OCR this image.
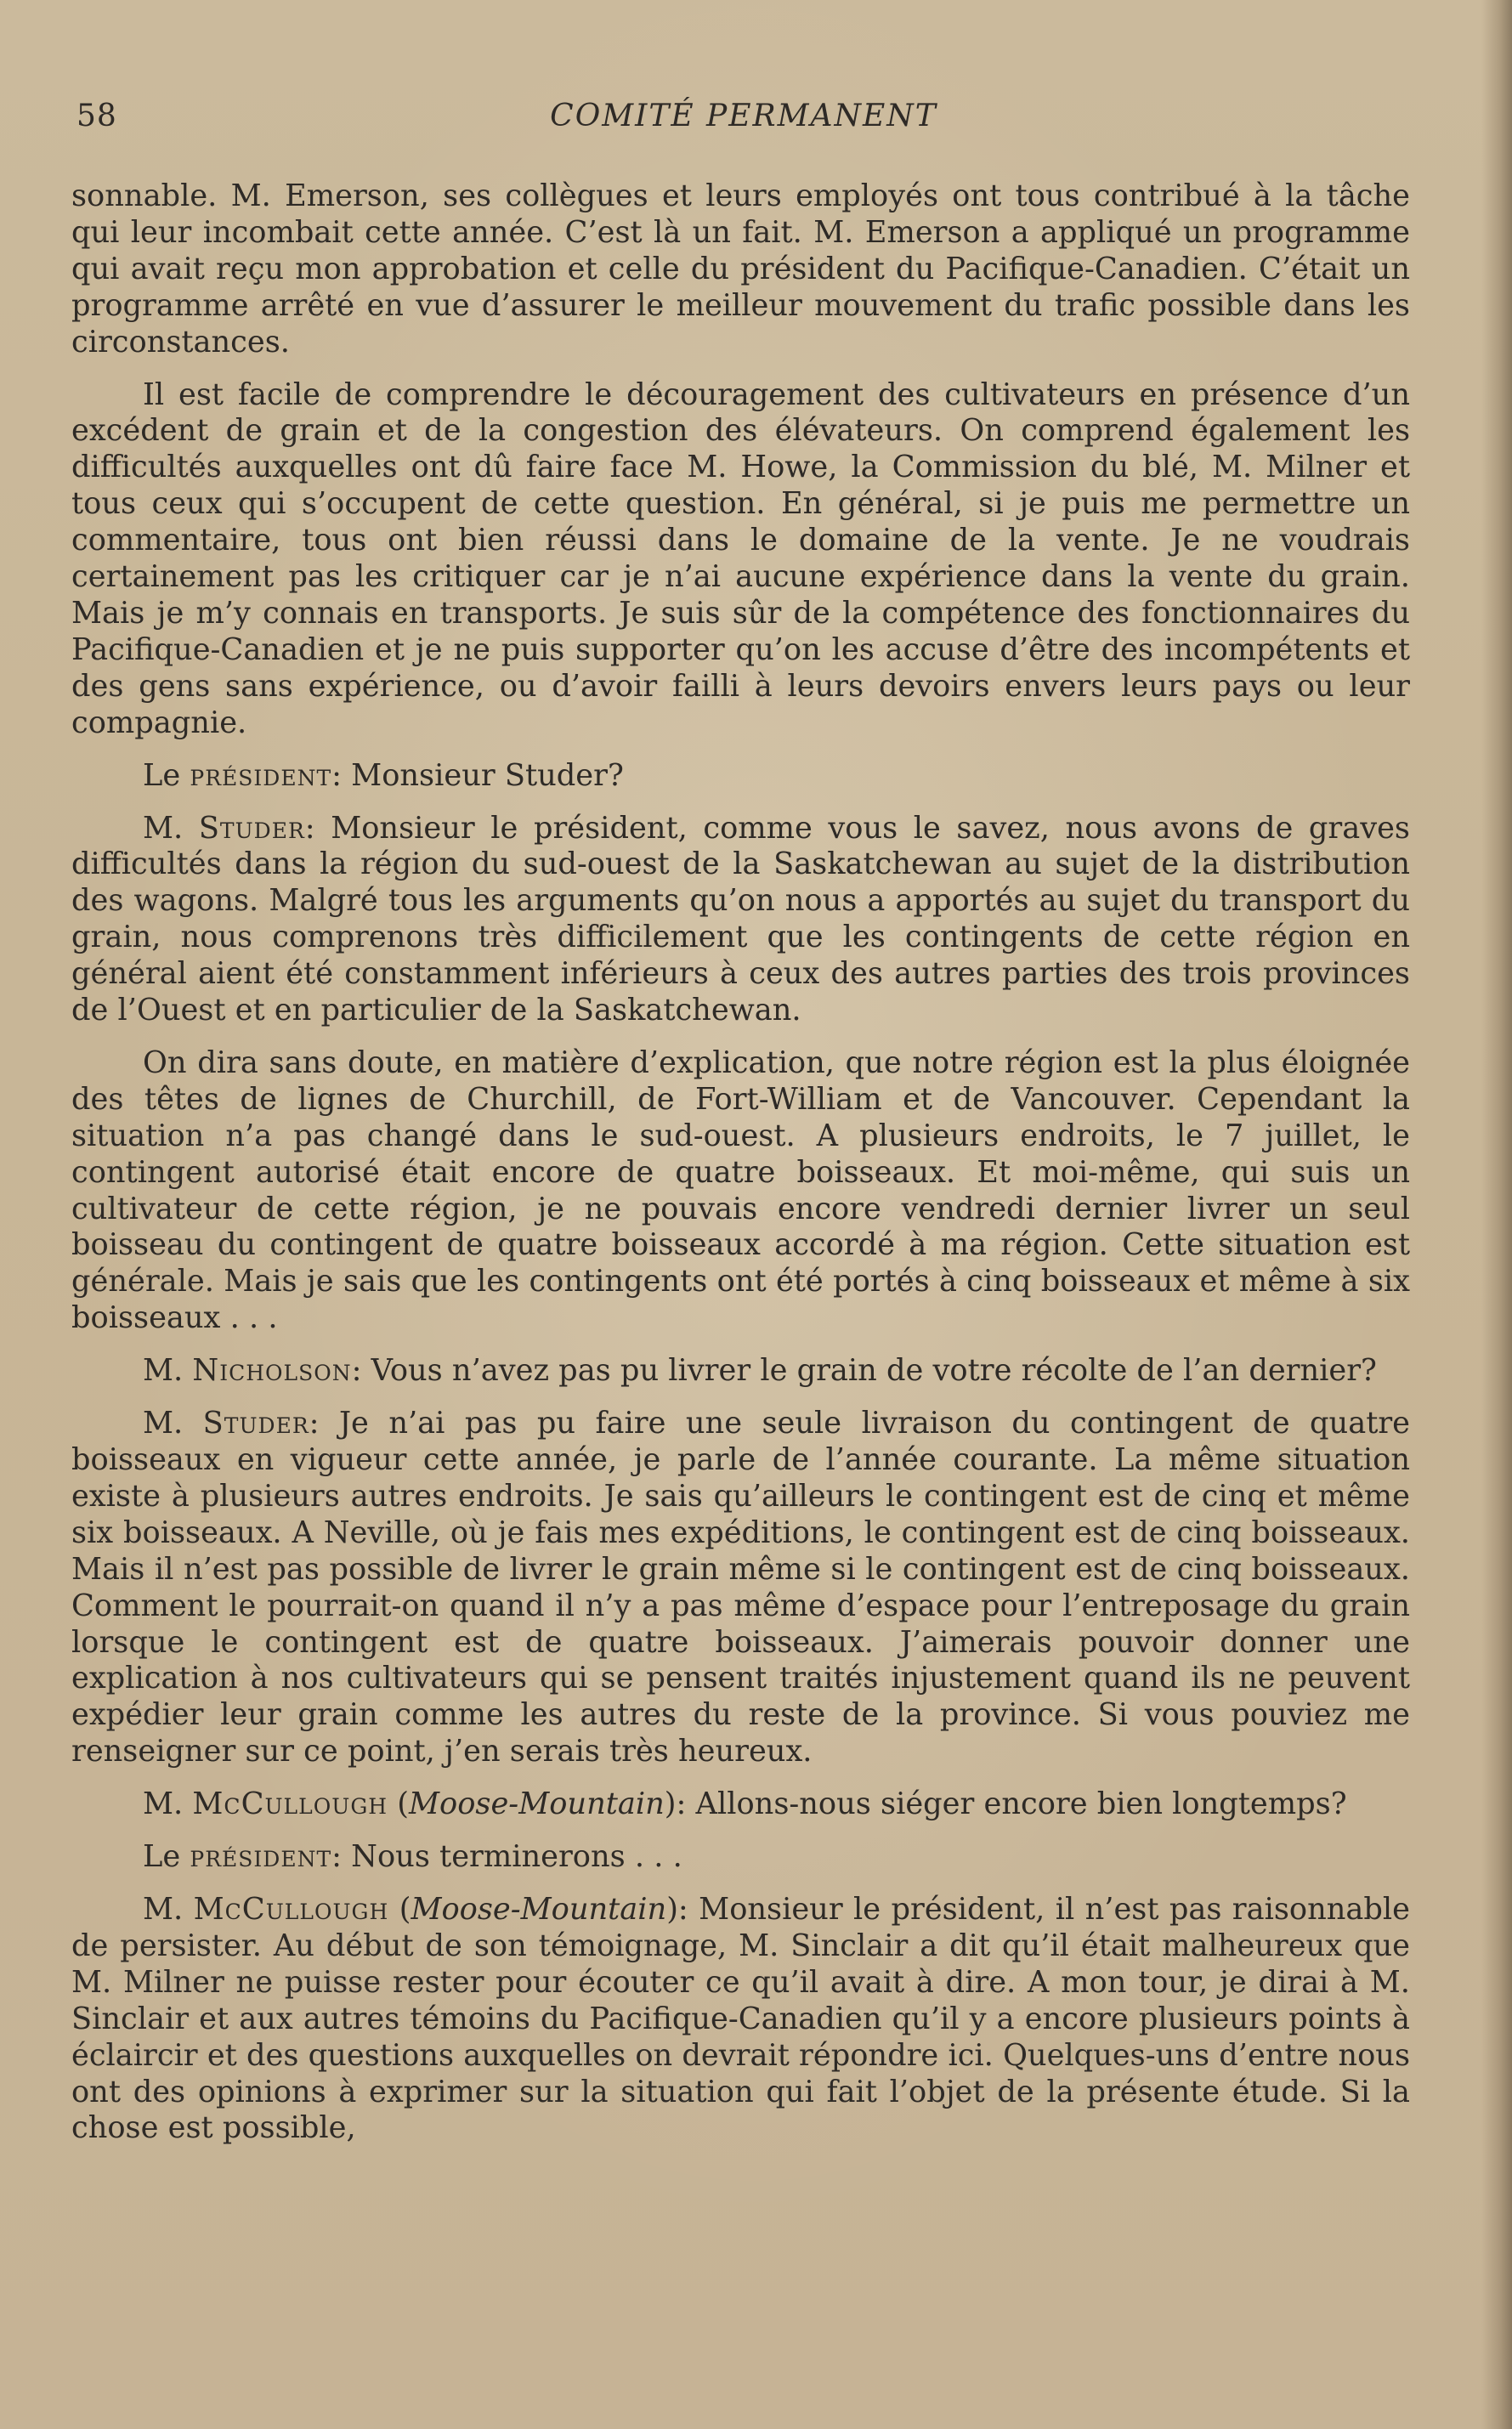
58	COMITÉ PERMANENT

sonnable. M. Emerson, ses collègues et leurs employés ont tous contribué à la tâche qui leur incombait cette année. C’est là un fait. M. Emerson a appliqué un programme qui avait reçu mon approbation et celle du président du Pacifique-Canadien. C’était un programme arrêté en vue d’assurer le meilleur mouvement du trafic possible dans les circonstances.

Il est facile de comprendre le découragement des cultivateurs en présence d’un excédent de grain et de la congestion des élévateurs. On comprend également les difficultés auxquelles ont dû faire face M. Howe, la Commission du blé, M. Milner et tous ceux qui s’occupent de cette question. En général, si je puis me permettre un commentaire, tous ont bien réussi dans le domaine de la vente. Je ne voudrais certainement pas les critiquer car je n’ai aucune expérience dans la vente du grain. Mais je m’y connais en transports. Je suis sûr de la compétence des fonctionnaires du Pacifique-Canadien et je ne puis supporter qu’on les accuse d’être des incompétents et des gens sans expérience, ou d’avoir failli à leurs devoirs envers leurs pays ou leur compagnie.

Le président: Monsieur Studer?

M. Studer: Monsieur le président, comme vous le savez, nous avons de graves difficultés dans la région du sud-ouest de la Saskatchewan au sujet de la distribution des wagons. Malgré tous les arguments qu’on nous a apportés au sujet du transport du grain, nous comprenons très difficilement que les contingents de cette région en général aient été constamment inférieurs à ceux des autres parties des trois provinces de l’Ouest et en particulier de la Saskatchewan.

On dira sans doute, en matière d’explication, que notre région est la plus éloignée des têtes de lignes de Churchill, de Fort-William et de Vancouver. Cependant la situation n’a pas changé dans le sud-ouest. A plusieurs endroits, le 7 juillet, le contingent autorisé était encore de quatre boisseaux. Et moi-même, qui suis un cultivateur de cette région, je ne pouvais encore vendredi dernier livrer un seul boisseau du contingent de quatre boisseaux accordé à ma région. Cette situation est générale. Mais je sais que les contingents ont été portés à cinq boisseaux et même à six boisseaux . . .

M. Nicholson: Vous n’avez pas pu livrer le grain de votre récolte de l’an dernier?

M. Studer: Je n’ai pas pu faire une seule livraison du contingent de quatre boisseaux en vigueur cette année, je parle de l’année courante. La même situation existe à plusieurs autres endroits. Je sais qu’ailleurs le contingent est de cinq et même six boisseaux. A Neville, où je fais mes expéditions, le contingent est de cinq boisseaux. Mais il n’est pas possible de livrer le grain même si le contingent est de cinq boisseaux. Comment le pourrait-on quand il n’y a pas même d’espace pour l’entreposage du grain lorsque le contingent est de quatre boisseaux. J’aimerais pouvoir donner une explication à nos cultivateurs qui se pensent traités injustement quand ils ne peuvent expédier leur grain comme les autres du reste de la province. Si vous pouviez me renseigner sur ce point, j’en serais très heureux.

M. McCullough (Moose-Mountain): Allons-nous siéger encore bien longtemps?

Le président: Nous terminerons . . .

M. McCullough (Moose-Mountain): Monsieur le président, il n’est pas raisonnable de persister. Au début de son témoignage, M. Sinclair a dit qu’il était malheureux que M. Milner ne puisse rester pour écouter ce qu’il avait à dire. A mon tour, je dirai à M. Sinclair et aux autres témoins du Pacifique-Canadien qu’il y a encore plusieurs points à éclaircir et des questions auxquelles on devrait répondre ici. Quelques-uns d’entre nous ont des opinions à exprimer sur la situation qui fait l’objet de la présente étude. Si la chose est possible,
